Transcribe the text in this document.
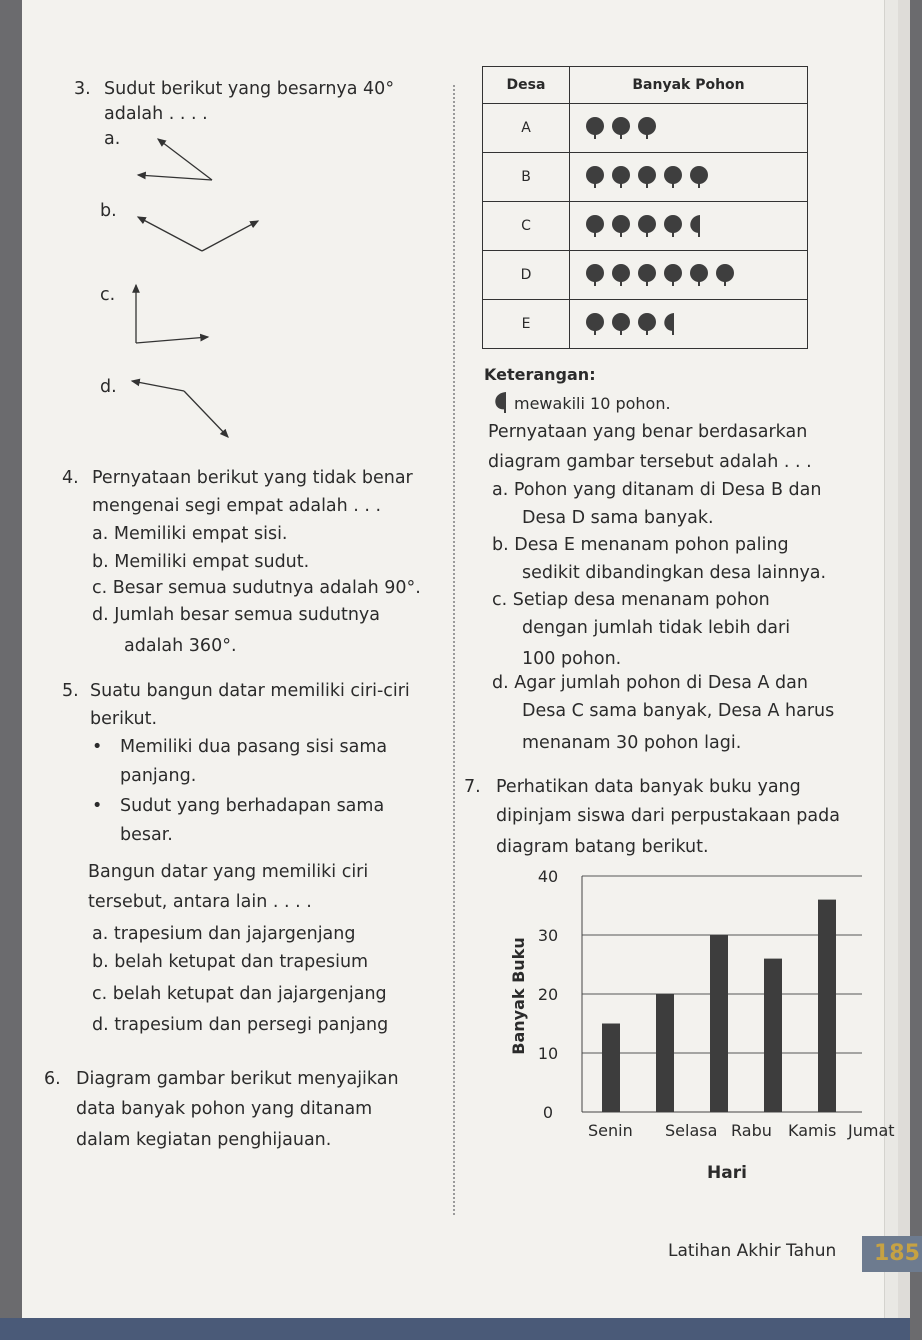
3. Sudut berikut yang besarnya 40°
adalah . . . .
a.
b.
c.
d.
4. Pernyataan berikut yang tidak benar
mengenai segi empat adalah . . .
a. Memiliki empat sisi.
b. Memiliki empat sudut.
c. Besar semua sudutnya adalah 90°.
d. Jumlah besar semua sudutnya
adalah 360°.
5. Suatu bangun datar memiliki ciri-ciri
berikut.
• Memiliki dua pasang sisi sama
panjang.
• Sudut yang berhadapan sama
besar.
Bangun datar yang memiliki ciri
tersebut, antara lain . . . .
a. trapesium dan jajargenjang
b. belah ketupat dan trapesium
c. belah ketupat dan jajargenjang
d. trapesium dan persegi panjang
6. Diagram gambar berikut menyajikan
data banyak pohon yang ditanam
dalam kegiatan penghijauan.
Desa	Banyak Pohon
A	

B	

C	

D	

E	
Keterangan:
mewakili 10 pohon.
Pernyataan yang benar berdasarkan
diagram gambar tersebut adalah . . .
a. Pohon yang ditanam di Desa B dan
Desa D sama banyak.
b. Desa E menanam pohon paling
sedikit dibandingkan desa lainnya.
c. Setiap desa menanam pohon
dengan jumlah tidak lebih dari
100 pohon.
d. Agar jumlah pohon di Desa A dan
Desa C sama banyak, Desa A harus
menanam 30 pohon lagi.
7. Perhatikan data banyak buku yang
dipinjam siswa dari perpustakaan pada
diagram batang berikut.
0
10
20
30
40
Senin Selasa Rabu Kamis Jumat
Banyak Buku
Hari
Latihan Akhir Tahun	185
